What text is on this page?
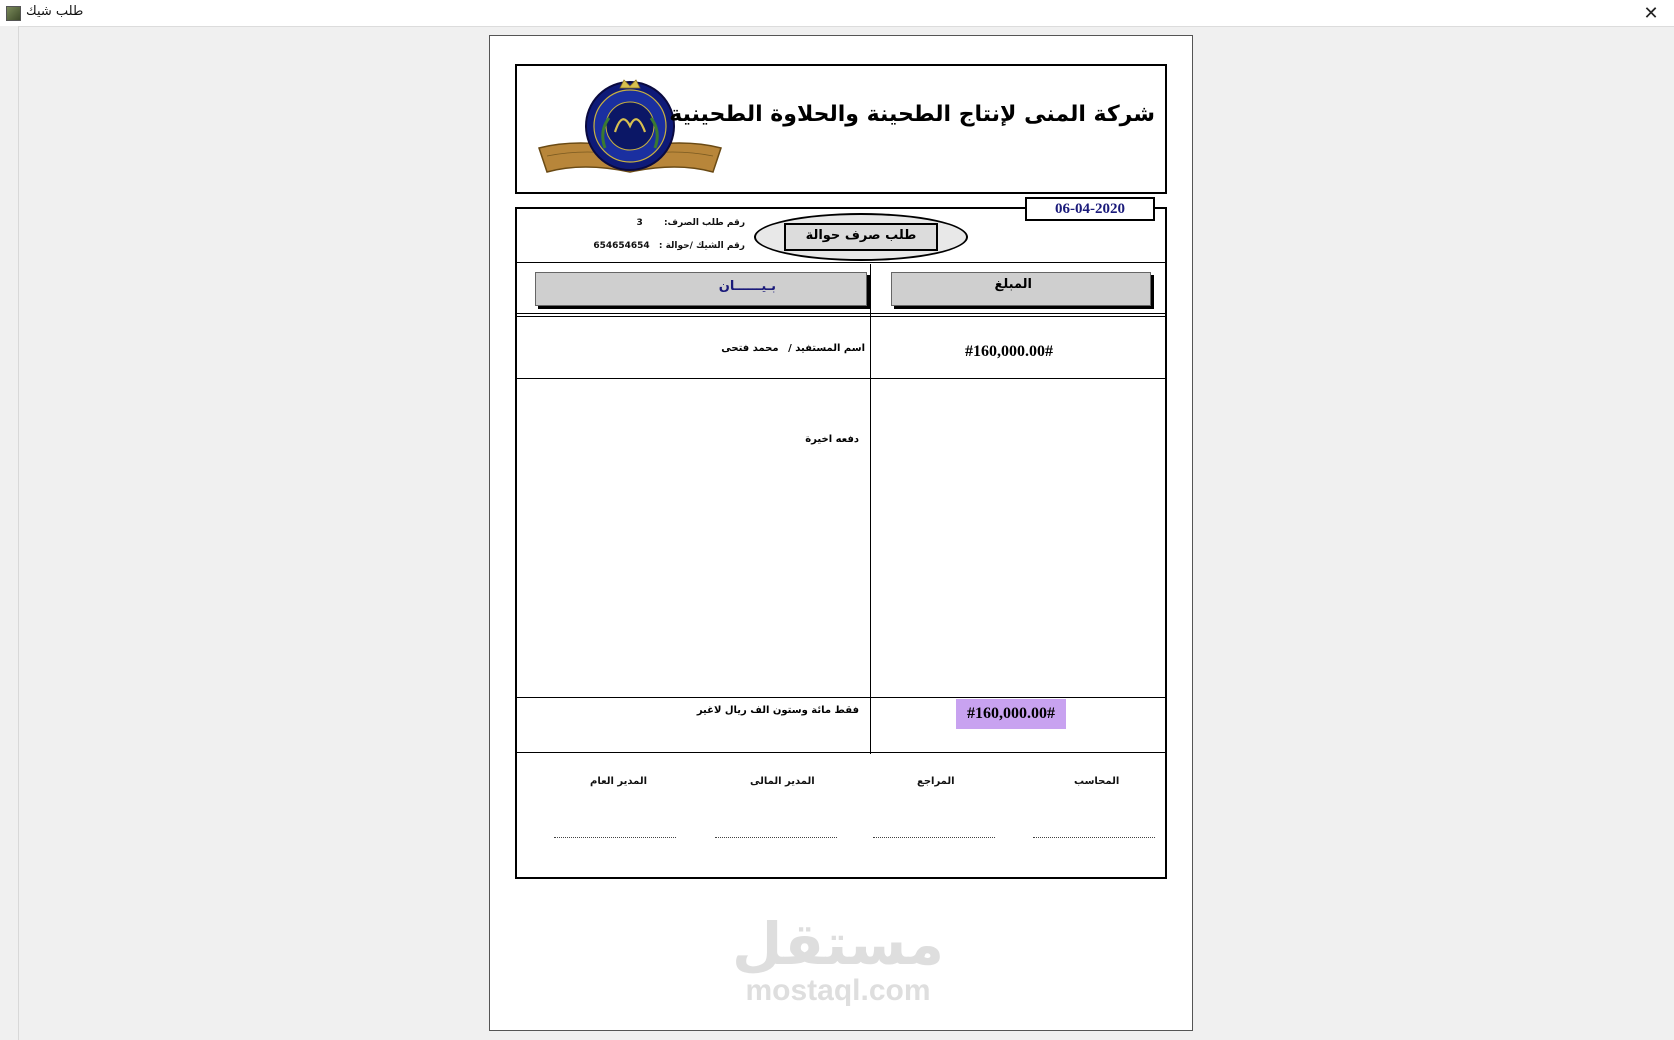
طلب شيك	✕
شركة المنى لإنتاج الطحينة والحلاوة الطحينية
06-04-2020
رقم طلب الصرف: 3
رقم الشيك /حوالة : 654654654
طلب صرف حوالة
بـيــــــان	المبلغ
اسم المستفيد / محمد فتحى	#160,000.00#
دفعه اخيرة
فقط مائة وستون الف ريال لاغير	#160,000.00#
المحاسب
المراجع
المدير المالى
المدير العام
مستقل
mostaql.com
